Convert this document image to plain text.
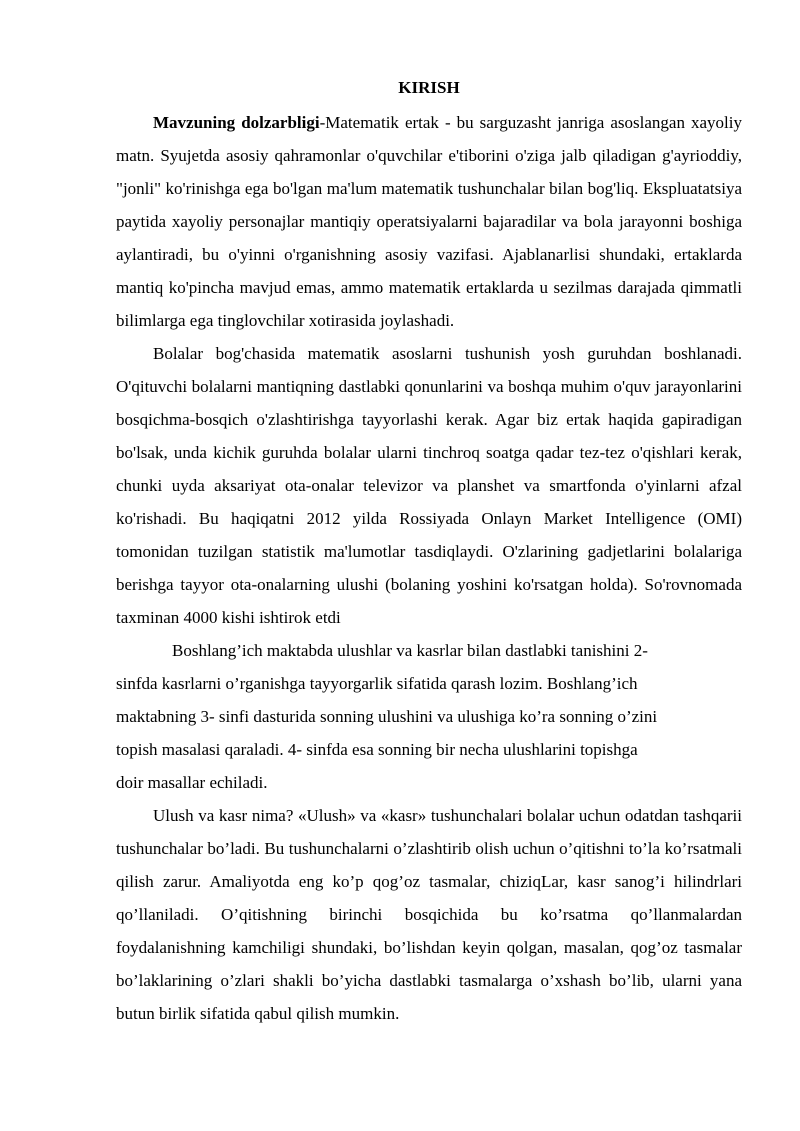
KIRISH

Mavzuning dolzarbligi-Matematik ertak - bu sarguzasht janriga asoslangan xayoliy matn. Syujetda asosiy qahramonlar o'quvchilar e'tiborini o'ziga jalb qiladigan g'ayrioddiy, "jonli" ko'rinishga ega bo'lgan ma'lum matematik tushunchalar bilan bog'liq. Ekspluatatsiya paytida xayoliy personajlar mantiqiy operatsiyalarni bajaradilar va bola jarayonni boshiga aylantiradi, bu o'yinni o'rganishning asosiy vazifasi. Ajablanarlisi shundaki, ertaklarda mantiq ko'pincha mavjud emas, ammo matematik ertaklarda u sezilmas darajada qimmatli bilimlarga ega tinglovchilar xotirasida joylashadi.

Bolalar bog'chasida matematik asoslarni tushunish yosh guruhdan boshlanadi. O'qituvchi bolalarni mantiqning dastlabki qonunlarini va boshqa muhim o'quv jarayonlarini bosqichma-bosqich o'zlashtirishga tayyorlashi kerak. Agar biz ertak haqida gapiradigan bo'lsak, unda kichik guruhda bolalar ularni tinchroq soatga qadar tez-tez o'qishlari kerak, chunki uyda aksariyat ota-onalar televizor va planshet va smartfonda o'yinlarni afzal ko'rishadi. Bu haqiqatni 2012 yilda Rossiyada Onlayn Market Intelligence (OMI) tomonidan tuzilgan statistik ma'lumotlar tasdiqlaydi. O'zlarining gadjetlarini bolalariga berishga tayyor ota-onalarning ulushi (bolaning yoshini ko'rsatgan holda). So'rovnomada taxminan 4000 kishi ishtirok etdi

Boshlang’ich maktabda ulushlar va kasrlar bilan dastlabki tanishini 2-
sinfda kasrlarni o’rganishga tayyorgarlik sifatida qarash lozim. Boshlang’ich
maktabning 3- sinfi dasturida sonning ulushini va ulushiga ko’ra sonning o’zini
topish masalasi qaraladi. 4- sinfda esa sonning bir necha ulushlarini topishga
doir masallar echiladi.

Ulush va kasr nima? «Ulush» va «kasr» tushunchalari bolalar uchun odatdan tashqarii tushunchalar bo’ladi. Bu tushunchalarni o’zlashtirib olish uchun o’qitishni to’la ko’rsatmali qilish zarur. Amaliyotda eng ko’p qog’oz tasmalar, chiziqLar, kasr sanog’i hilindrlari qo’llaniladi. O’qitishning birinchi bosqichida bu ko’rsatma qo’llanmalardan foydalanishning kamchiligi shundaki, bo’lishdan keyin qolgan, masalan, qog’oz tasmalar bo’laklarining o’zlari shakli bo’yicha dastlabki tasmalarga o’xshash bo’lib, ularni yana butun birlik sifatida qabul qilish mumkin.
